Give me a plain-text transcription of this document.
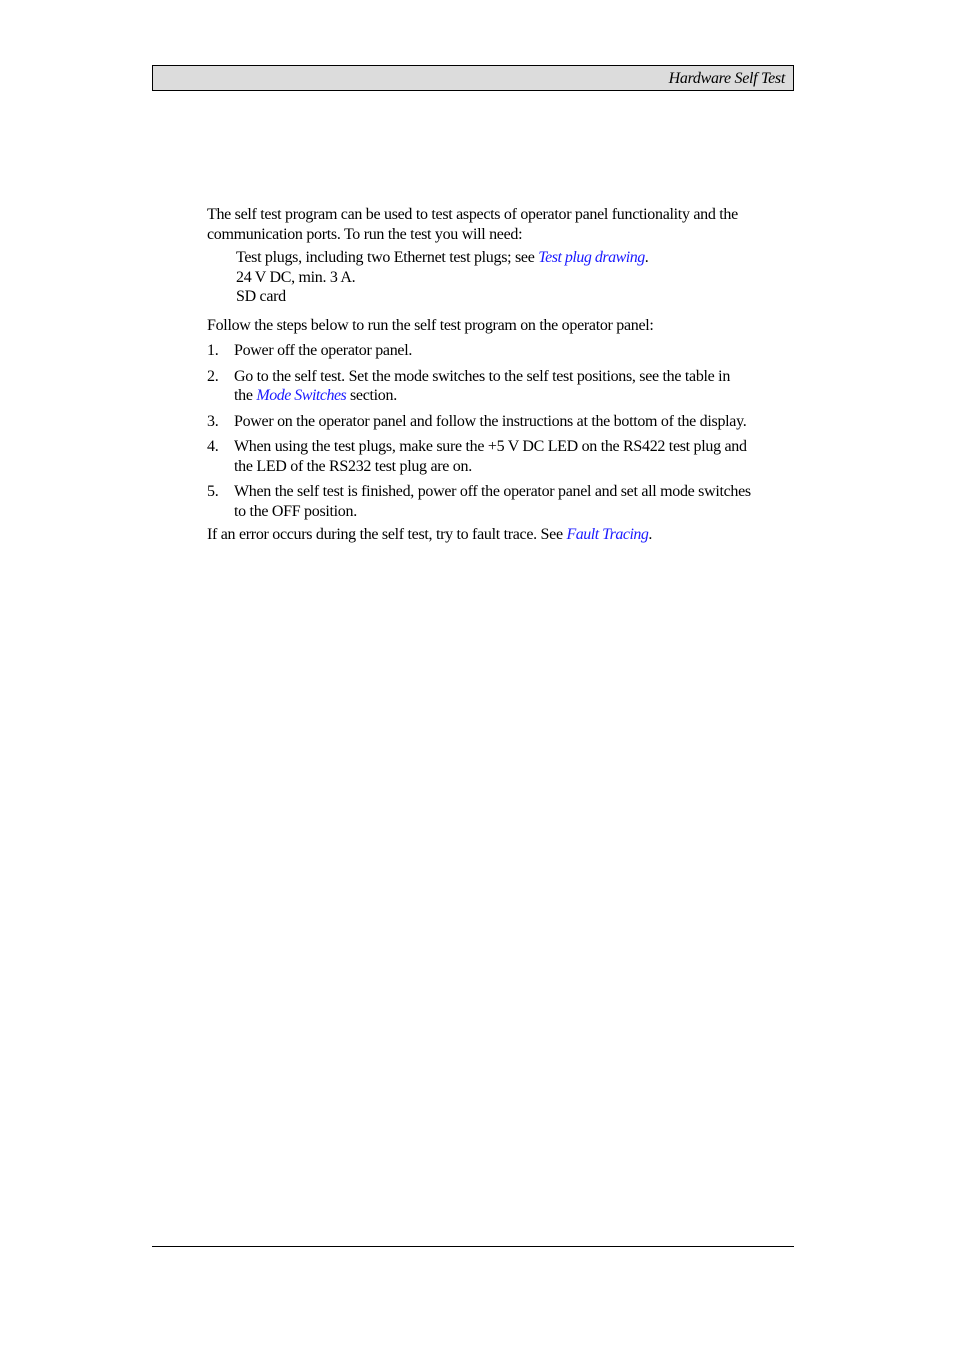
Hardware Self Test

The self test program can be used to test aspects of operator panel functionality and the communication ports. To run the test you will need:

Test plugs, including two Ethernet test plugs; see Test plug drawing.
24 V DC, min. 3 A.
SD card

Follow the steps below to run the self test program on the operator panel:

1. Power off the operator panel.
2. Go to the self test. Set the mode switches to the self test positions, see the table in the Mode Switches section.
3. Power on the operator panel and follow the instructions at the bottom of the display.
4. When using the test plugs, make sure the +5 V DC LED on the RS422 test plug and the LED of the RS232 test plug are on.
5. When the self test is finished, power off the operator panel and set all mode switches to the OFF position.

If an error occurs during the self test, try to fault trace. See Fault Tracing.
